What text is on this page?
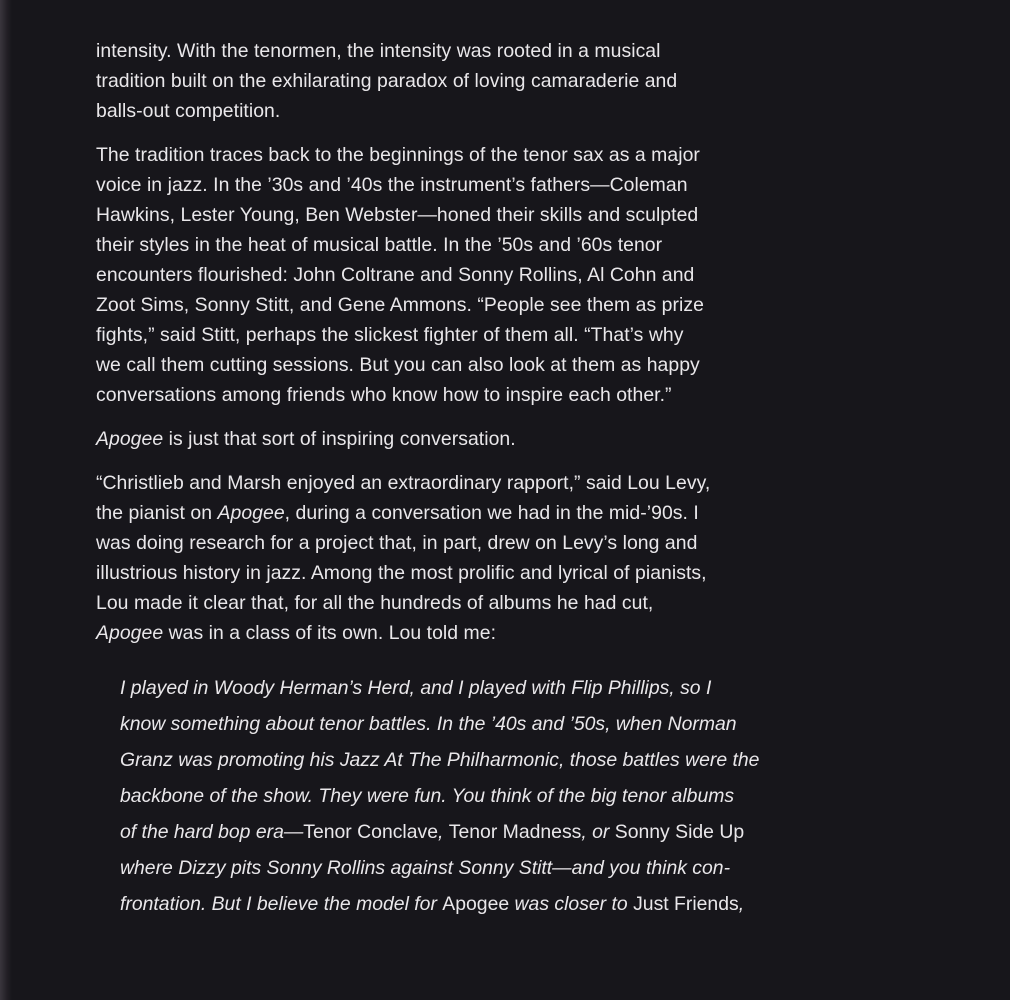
intensity. With the tenormen, the intensity was rooted in a musical
tradition built on the exhilarating paradox of loving camaraderie and
balls-out competition.

The tradition traces back to the beginnings of the tenor sax as a major
voice in jazz. In the ’30s and ’40s the instrument’s fathers—Coleman
Hawkins, Lester Young, Ben Webster—honed their skills and sculpted
their styles in the heat of musical battle. In the ’50s and ’60s tenor
encounters flourished: John Coltrane and Sonny Rollins, Al Cohn and
Zoot Sims, Sonny Stitt, and Gene Ammons. “People see them as prize
fights,” said Stitt, perhaps the slickest fighter of them all. “That’s why
we call them cutting sessions. But you can also look at them as happy
conversations among friends who know how to inspire each other.”

Apogee is just that sort of inspiring conversation.

“Christlieb and Marsh enjoyed an extraordinary rapport,” said Lou Levy,
the pianist on Apogee, during a conversation we had in the mid-’90s. I
was doing research for a project that, in part, drew on Levy’s long and
illustrious history in jazz. Among the most prolific and lyrical of pianists,
Lou made it clear that, for all the hundreds of albums he had cut,
Apogee was in a class of its own. Lou told me:

I played in Woody Herman’s Herd, and I played with Flip Phillips, so I
know something about tenor battles. In the ’40s and ’50s, when Norman
Granz was promoting his Jazz At The Philharmonic, those battles were the
backbone of the show. They were fun. You think of the big tenor albums
of the hard bop era—Tenor Conclave, Tenor Madness, or Sonny Side Up
where Dizzy pits Sonny Rollins against Sonny Stitt—and you think con-
frontation. But I believe the model for Apogee was closer to Just Friends,
